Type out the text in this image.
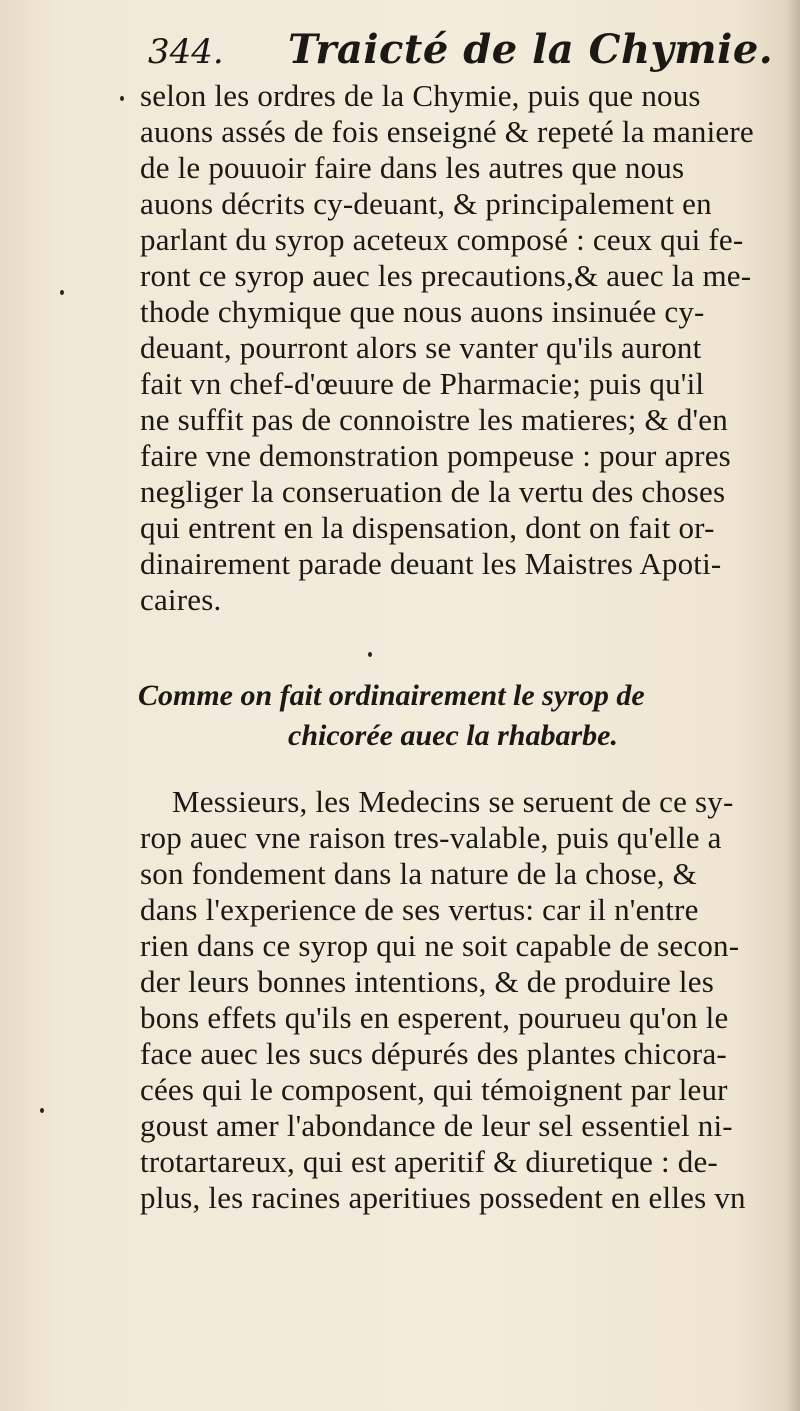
344. Traicté de la Chymie.
selon les ordres de la Chymie, puis que nous
auons assés de fois enseigné & repeté la maniere
de le pouuoir faire dans les autres que nous
auons décrits cy-deuant, & principalement en
parlant du syrop aceteux composé : ceux qui fe-
ront ce syrop auec les precautions,& auec la me-
thode chymique que nous auons insinuée cy-
deuant, pourront alors se vanter qu'ils auront
fait vn chef-d'œuure de Pharmacie; puis qu'il
ne suffit pas de connoistre les matieres; & d'en
faire vne demonstration pompeuse : pour apres
negliger la conseruation de la vertu des choses
qui entrent en la dispensation, dont on fait or-
dinairement parade deuant les Maistres Apoti-
caires.
Comme on fait ordinairement le syrop de
chicorée auec la rhabarbe.
Messieurs, les Medecins se seruent de ce sy-
rop auec vne raison tres-valable, puis qu'elle a
son fondement dans la nature de la chose, &
dans l'experience de ses vertus: car il n'entre
rien dans ce syrop qui ne soit capable de secon-
der leurs bonnes intentions, & de produire les
bons effets qu'ils en esperent, pourueu qu'on le
face auec les sucs dépurés des plantes chicora-
cées qui le composent, qui témoignent par leur
goust amer l'abondance de leur sel essentiel ni-
trotartareux, qui est aperitif & diuretique : de-
plus, les racines aperitiues possedent en elles vn
